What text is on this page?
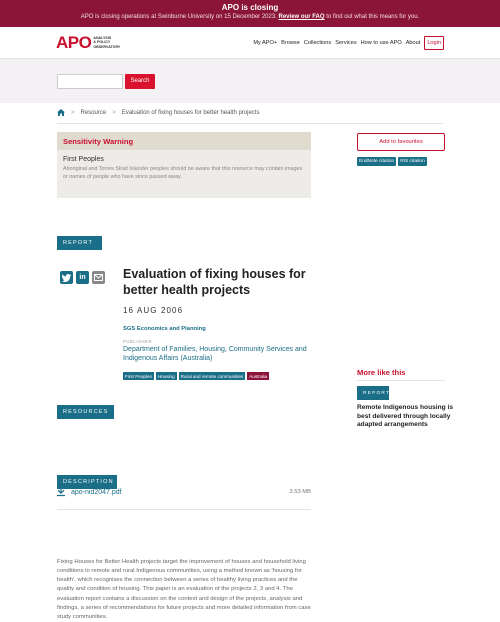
APO is closing
APO is closing operations at Swinburne University on 15 December 2023. Review our FAQ to find out what this means for you.
APO ANALYSIS
& POLICY
OBSERVATORY
My APO+ Browse Collections Services How to use APO About	Login
Search
> Resource > Evaluation of fixing houses for better health projects
Sensitivity Warning
First Peoples
Aboriginal and Torres Strait Islander peoples should be aware that this resource may contain images or names of people who have since passed away.
Add to favourites
EndNote citation	RIS citation
REPORT
in	Evaluation of fixing houses for better health projects
16 AUG 2006
SGS Economics and Planning
PUBLISHER
Department of Families, Housing, Community Services and Indigenous Affairs (Australia)
First Peoples	Housing	Rural and remote communities	Australia	More like this
REPORT
Remote Indigenous housing is best delivered through locally adapted arrangements
RESOURCES
apo-nid2047.pdf	3.53 MB
DESCRIPTION
Fixing Houses for Better Health projects target the improvement of houses and household living conditions in remote and rural Indigenous communities, using a method known as 'housing for health', which recognises the connection between a series of healthy living practices and the quality and condition of housing. This paper is an evaluation of the projects 2, 3 and 4. The evaluation report contains a discussion on the context and design of the projects, analysis and findings, a series of recommendations for future projects and more detailed information from case study communities.
